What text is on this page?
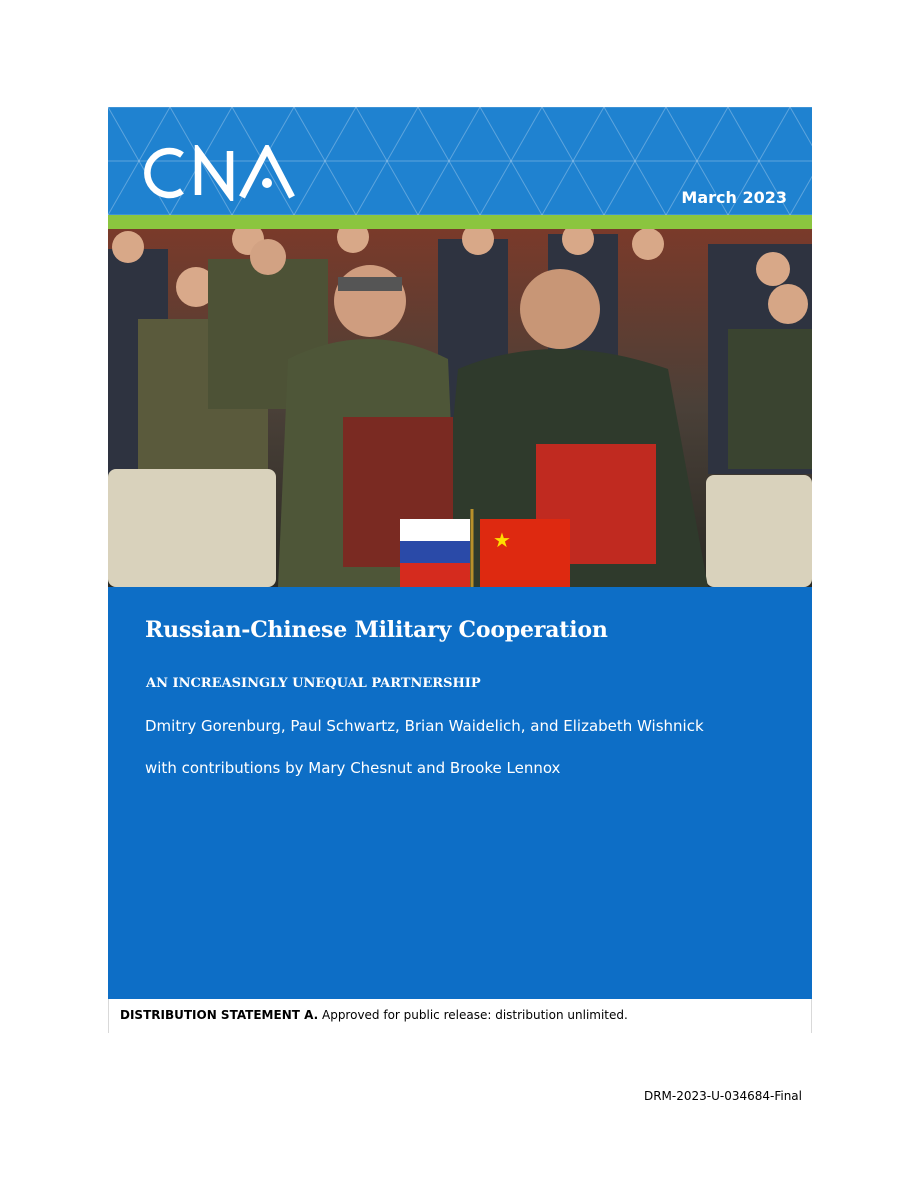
March 2023
★
Russian-Chinese Military Cooperation
AN INCREASINGLY UNEQUAL PARTNERSHIP
Dmitry Gorenburg, Paul Schwartz, Brian Waidelich, and Elizabeth Wishnick
with contributions by Mary Chesnut and Brooke Lennox
DISTRIBUTION STATEMENT A. Approved for public release: distribution unlimited.
DRM-2023-U-034684-Final
